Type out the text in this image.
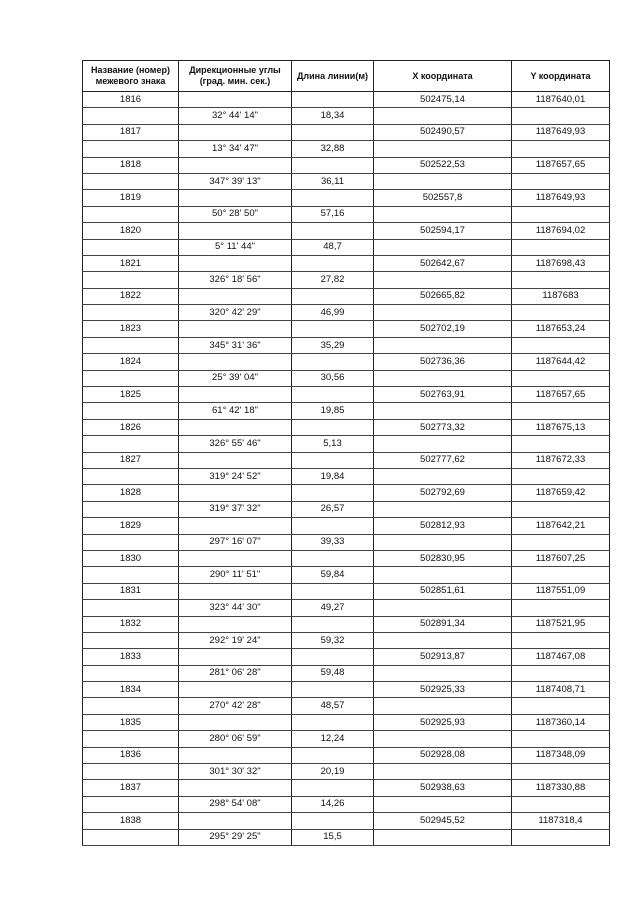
Название (номер) межевого знака	Дирекционные углы (град. мин. сек.)	Длина линии(м)	X координата	Y координата
1816			502475,14	1187640,01
	32° 44' 14"	18,34		
1817			502490,57	1187649,93
	13° 34' 47"	32,88		
1818			502522,53	1187657,65
	347° 39' 13"	36,11		
1819			502557,8	1187649,93
	50° 28' 50"	57,16		
1820			502594,17	1187694,02
	5° 11' 44"	48,7		
1821			502642,67	1187698,43
	326° 18' 56"	27,82		
1822			502665,82	1187683
	320° 42' 29"	46,99		
1823			502702,19	1187653,24
	345° 31' 36"	35,29		
1824			502736,36	1187644,42
	25° 39' 04"	30,56		
1825			502763,91	1187657,65
	61° 42' 18"	19,85		
1826			502773,32	1187675,13
	326° 55' 46"	5,13		
1827			502777,62	1187672,33
	319° 24' 52"	19,84		
1828			502792,69	1187659,42
	319° 37' 32"	26,57		
1829			502812,93	1187642,21
	297° 16' 07"	39,33		
1830			502830,95	1187607,25
	290° 11' 51"	59,84		
1831			502851,61	1187551,09
	323° 44' 30"	49,27		
1832			502891,34	1187521,95
	292° 19' 24"	59,32		
1833			502913,87	1187467,08
	281° 06' 28"	59,48		
1834			502925,33	1187408,71
	270° 42' 28"	48,57		
1835			502925,93	1187360,14
	280° 06' 59"	12,24		
1836			502928,08	1187348,09
	301° 30' 32"	20,19		
1837			502938,63	1187330,88
	298° 54' 08"	14,26		
1838			502945,52	1187318,4
	295° 29' 25"	15,5		
